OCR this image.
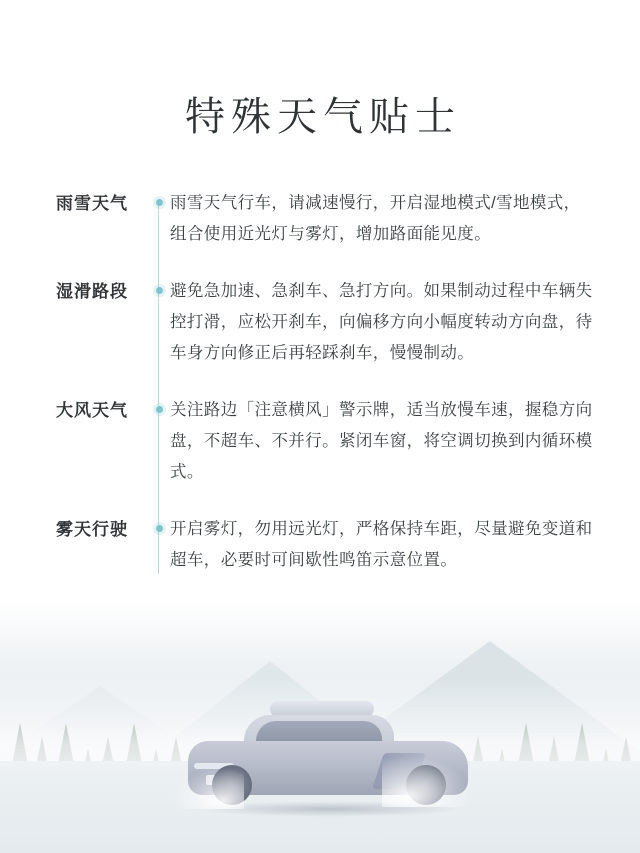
特殊天气贴士
雨雪天气	雨雪天气行车，请减速慢行，开启湿地模式/雪地模式，组合使用近光灯与雾灯，增加路面能见度。
湿滑路段	避免急加速、急刹车、急打方向。如果制动过程中车辆失控打滑，应松开刹车，向偏移方向小幅度转动方向盘，待车身方向修正后再轻踩刹车，慢慢制动。
大风天气	关注路边「注意横风」警示牌，适当放慢车速，握稳方向盘，不超车、不并行。紧闭车窗，将空调切换到内循环模式。
雾天行驶	开启雾灯，勿用远光灯，严格保持车距，尽量避免变道和超车，必要时可间歇性鸣笛示意位置。
